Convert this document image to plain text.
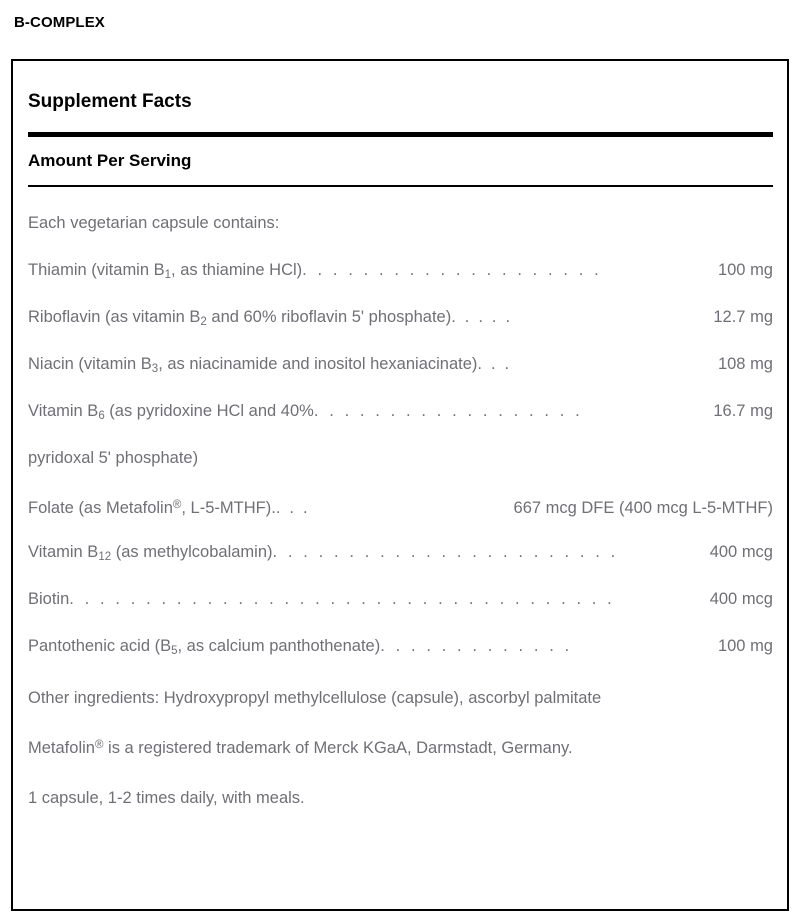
B-COMPLEX
Supplement Facts
Amount Per Serving
Each vegetarian capsule contains:
Thiamin (vitamin $B_1$, as thiamine HCl) . . . . . . . . . . . . . . . . . . . .	100 mg
Riboflavin (as vitamin $B_2$ and 60% riboflavin 5' phosphate) . . . . .	12.7 mg
Niacin (vitamin $B_3$, as niacinamide and inositol hexaniacinate) . . .	108 mg
Vitamin $B_6$ (as pyridoxine HCl and 40% . . . . . . . . . . . . . . . . . .	16.7 mg
pyridoxal 5' phosphate)
Folate (as Metafolin®, L-5-MTHF). . . .	667 mcg DFE (400 mcg L-5-MTHF)
Vitamin $B_{12}$ (as methylcobalamin) . . . . . . . . . . . . . . . . . . . . . . .	400 mcg
Biotin . . . . . . . . . . . . . . . . . . . . . . . . . . . . . . . . . . . .	400 mcg
Pantothenic acid ($B_5$, as calcium panthothenate) . . . . . . . . . . . . .	100 mg
Other ingredients: Hydroxypropyl methylcellulose (capsule), ascorbyl palmitate
Metafolin® is a registered trademark of Merck KGaA, Darmstadt, Germany.
1 capsule, 1-2 times daily, with meals.
